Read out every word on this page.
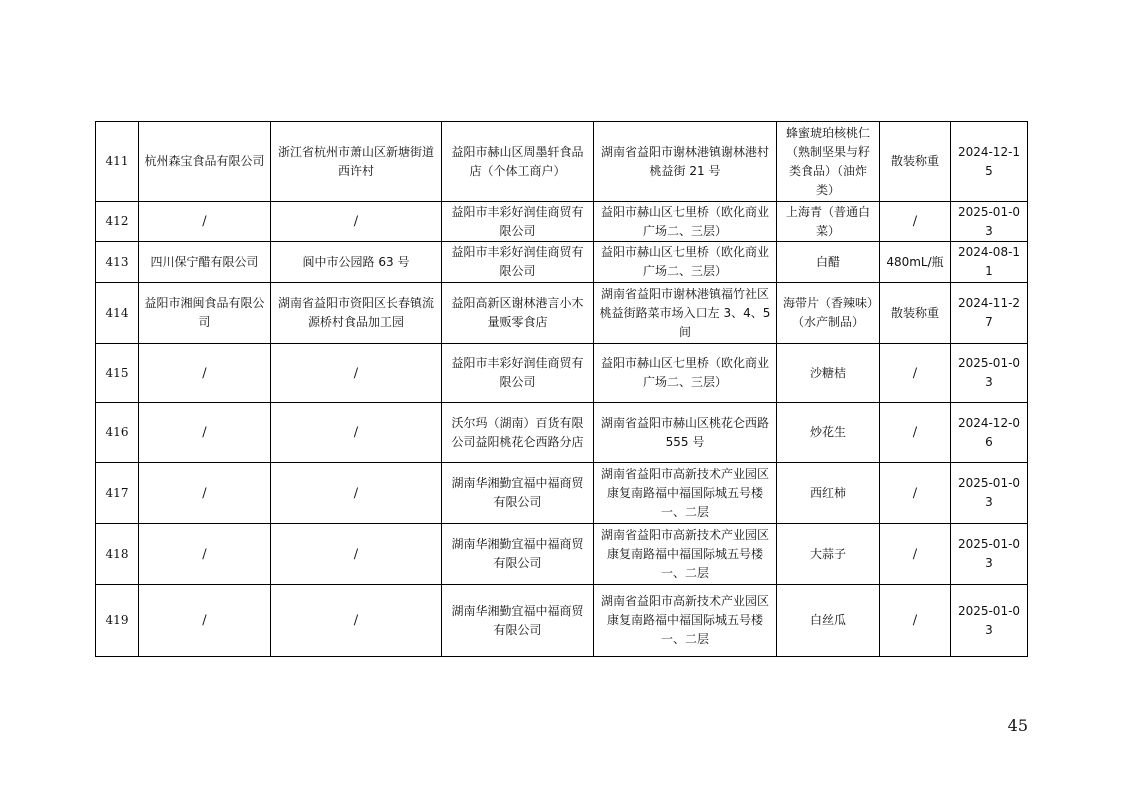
411	杭州森宝食品有限公司	浙江省杭州市萧山区新塘街道西许村	益阳市赫山区周墨轩食品店（个体工商户）	湖南省益阳市谢林港镇谢林港村桃益街 21 号	蜂蜜琥珀核桃仁（熟制坚果与籽类食品）（油炸类）	散装称重	2024-12-15
412	/	/	益阳市丰彩好润佳商贸有限公司	益阳市赫山区七里桥（欧化商业广场二、三层）	上海青（普通白菜）	/	2025-01-03
413	四川保宁醋有限公司	阆中市公园路 63 号	益阳市丰彩好润佳商贸有限公司	益阳市赫山区七里桥（欧化商业广场二、三层）	白醋	480mL/瓶	2024-08-11
414	益阳市湘闽食品有限公司	湖南省益阳市资阳区长春镇流源桥村食品加工园	益阳高新区谢林港言小木量贩零食店	湖南省益阳市谢林港镇福竹社区桃益街路菜市场入口左 3、4、5 间	海带片（香辣味）（水产制品）	散装称重	2024-11-27
415	/	/	益阳市丰彩好润佳商贸有限公司	益阳市赫山区七里桥（欧化商业广场二、三层）	沙糖桔	/	2025-01-03
416	/	/	沃尔玛（湖南）百货有限公司益阳桃花仑西路分店	湖南省益阳市赫山区桃花仑西路 555 号	炒花生	/	2024-12-06
417	/	/	湖南华湘勤宜福中福商贸有限公司	湖南省益阳市高新技术产业园区康复南路福中福国际城五号楼一、二层	西红柿	/	2025-01-03
418	/	/	湖南华湘勤宜福中福商贸有限公司	湖南省益阳市高新技术产业园区康复南路福中福国际城五号楼一、二层	大蒜子	/	2025-01-03
419	/	/	湖南华湘勤宜福中福商贸有限公司	湖南省益阳市高新技术产业园区康复南路福中福国际城五号楼一、二层	白丝瓜	/	2025-01-03
45
